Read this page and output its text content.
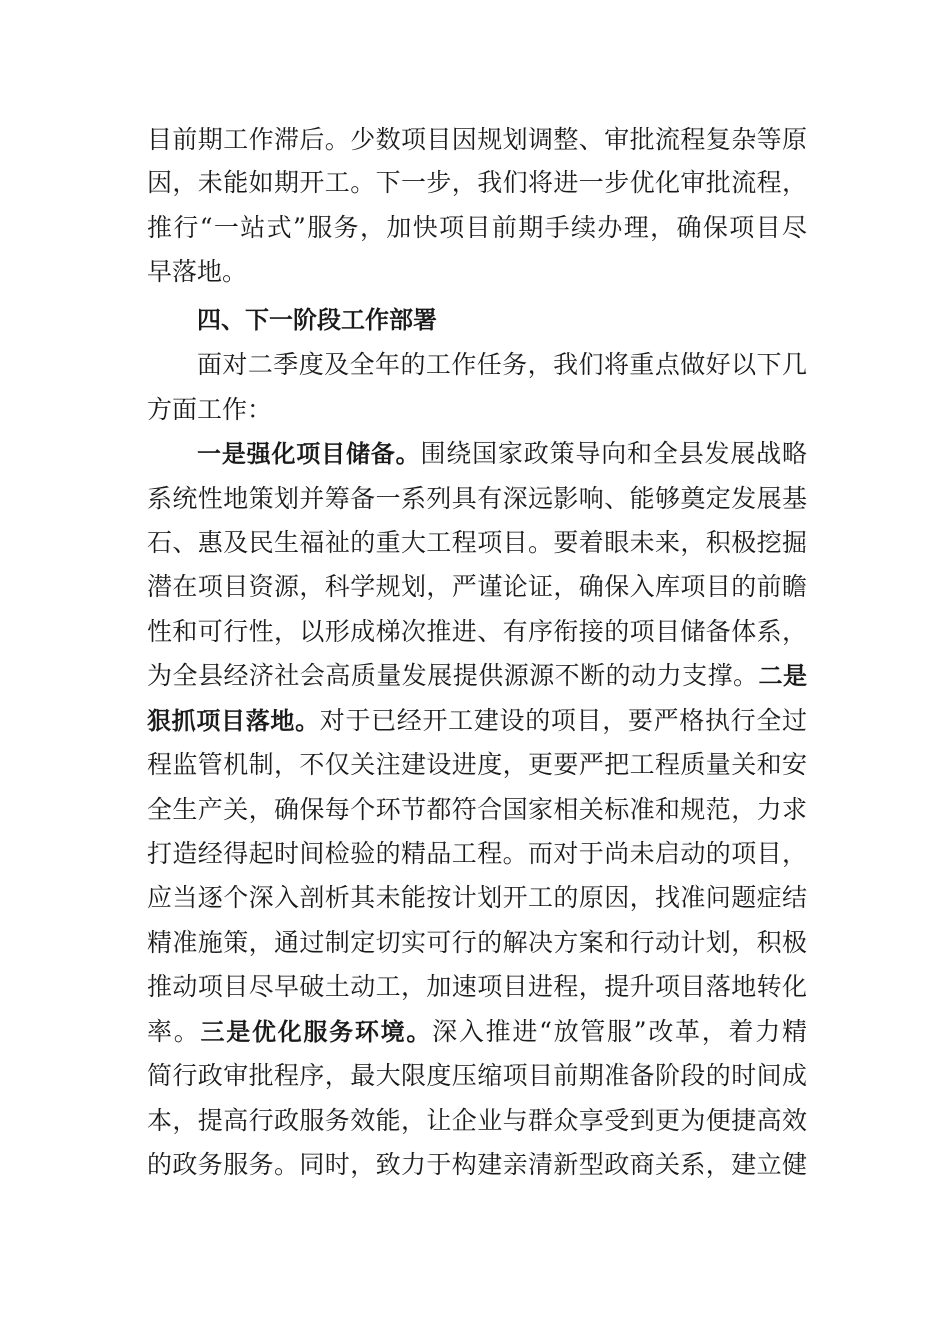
目前期工作滞后。少数项目因规划调整、审批流程复杂等原
因，未能如期开工。下一步，我们将进一步优化审批流程，
推行“一站式”服务，加快项目前期手续办理，确保项目尽
早落地。
四、下一阶段工作部署
面对二季度及全年的工作任务，我们将重点做好以下几
方面工作：
一是强化项目储备。围绕国家政策导向和全县发展战略
系统性地策划并筹备一系列具有深远影响、能够奠定发展基
石、惠及民生福祉的重大工程项目。要着眼未来，积极挖掘
潜在项目资源，科学规划，严谨论证，确保入库项目的前瞻
性和可行性，以形成梯次推进、有序衔接的项目储备体系，
为全县经济社会高质量发展提供源源不断的动力支撑。二是
狠抓项目落地。对于已经开工建设的项目，要严格执行全过
程监管机制，不仅关注建设进度，更要严把工程质量关和安
全生产关，确保每个环节都符合国家相关标准和规范，力求
打造经得起时间检验的精品工程。而对于尚未启动的项目，
应当逐个深入剖析其未能按计划开工的原因，找准问题症结
精准施策，通过制定切实可行的解决方案和行动计划，积极
推动项目尽早破土动工，加速项目进程，提升项目落地转化
率。三是优化服务环境。深入推进“放管服”改革，着力精
简行政审批程序，最大限度压缩项目前期准备阶段的时间成
本，提高行政服务效能，让企业与群众享受到更为便捷高效
的政务服务。同时，致力于构建亲清新型政商关系，建立健
